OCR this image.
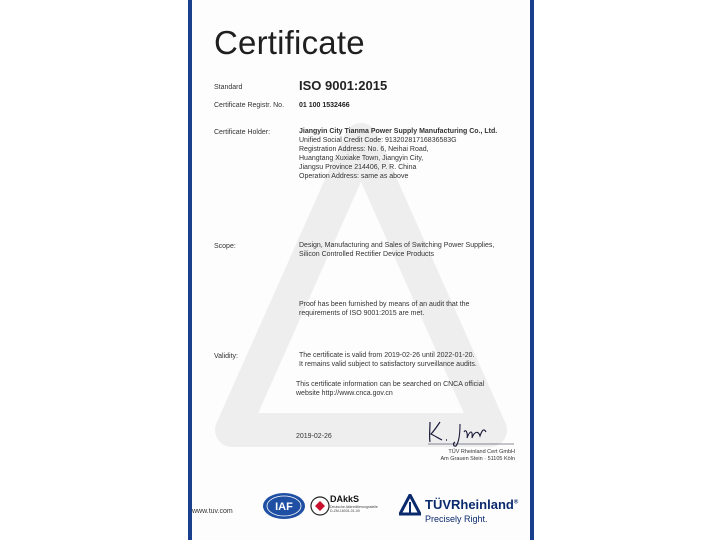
Certificate
Standard	ISO 9001:2015
Certificate Registr. No. 01 100 1532466
Certificate Holder:	Jiangyin City Tianma Power Supply Manufacturing Co., Ltd.
Unified Social Credit Code: 91320281716836583G
Registration Address: No. 6, Neihai Road,
Huangtang Xuxiake Town, Jiangyin City,
Jiangsu Province 214406, P. R. China
Operation Address: same as above
Scope:	Design, Manufacturing and Sales of Switching Power Supplies,
Silicon Controlled Rectifier Device Products
Proof has been furnished by means of an audit that the
requirements of ISO 9001:2015 are met.
Validity:	The certificate is valid from 2019-02-26 until 2022-01-20.
It remains valid subject to satisfactory surveillance audits.
This certificate information can be searched on CNCA official
website http://www.cnca.gov.cn
2019-02-26
TÜV Rheinland Cert GmbH
Am Grauen Stein · 51105 Köln
www.tuv.com	IAF
DAkkS
Deutsche Akkreditierungsstelle D-ZM-16031-01-00	TÜVRheinland®
Precisely Right.
